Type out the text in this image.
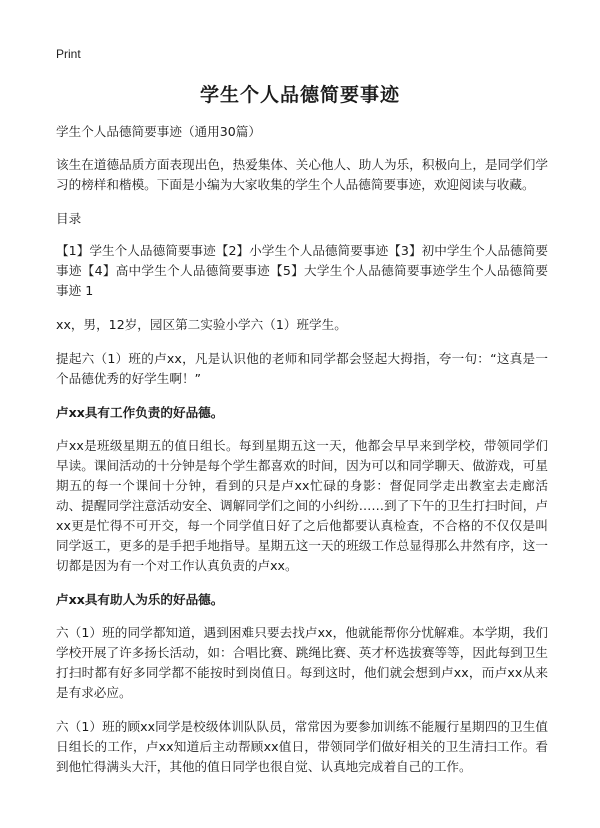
Print
学生个人品德简要事迹

学生个人品德简要事迹（通用30篇）

该生在道德品质方面表现出色，热爱集体、关心他人、助人为乐，积极向上，是同学们学习的榜样和楷模。下面是小编为大家收集的学生个人品德简要事迹，欢迎阅读与收藏。

目录

【1】学生个人品德简要事迹【2】小学生个人品德简要事迹【3】初中学生个人品德简要事迹【4】高中学生个人品德简要事迹【5】大学生个人品德简要事迹学生个人品德简要事迹 1

xx，男，12岁，园区第二实验小学六（1）班学生。

提起六（1）班的卢xx，凡是认识他的老师和同学都会竖起大拇指，夸一句：“这真是一个品德优秀的好学生啊！”

卢xx具有工作负责的好品德。

卢xx是班级星期五的值日组长。每到星期五这一天，他都会早早来到学校，带领同学们早读。课间活动的十分钟是每个学生都喜欢的时间，因为可以和同学聊天、做游戏，可星期五的每一个课间十分钟，看到的只是卢xx忙碌的身影：督促同学走出教室去走廊活动、提醒同学注意活动安全、调解同学们之间的小纠纷……到了下午的卫生打扫时间，卢xx更是忙得不可开交，每一个同学值日好了之后他都要认真检查，不合格的不仅仅是叫同学返工，更多的是手把手地指导。星期五这一天的班级工作总显得那么井然有序，这一切都是因为有一个对工作认真负责的卢xx。

卢xx具有助人为乐的好品德。

六（1）班的同学都知道，遇到困难只要去找卢xx，他就能帮你分忧解难。本学期，我们学校开展了许多扬长活动，如：合唱比赛、跳绳比赛、英才杯选拔赛等等，因此每到卫生打扫时都有好多同学都不能按时到岗值日。每到这时，他们就会想到卢xx，而卢xx从来是有求必应。

六（1）班的顾xx同学是校级体训队队员，常常因为要参加训练不能履行星期四的卫生值日组长的工作，卢xx知道后主动帮顾xx值日，带领同学们做好相关的卫生清扫工作。看到他忙得满头大汗，其他的值日同学也很自觉、认真地完成着自己的工作。
